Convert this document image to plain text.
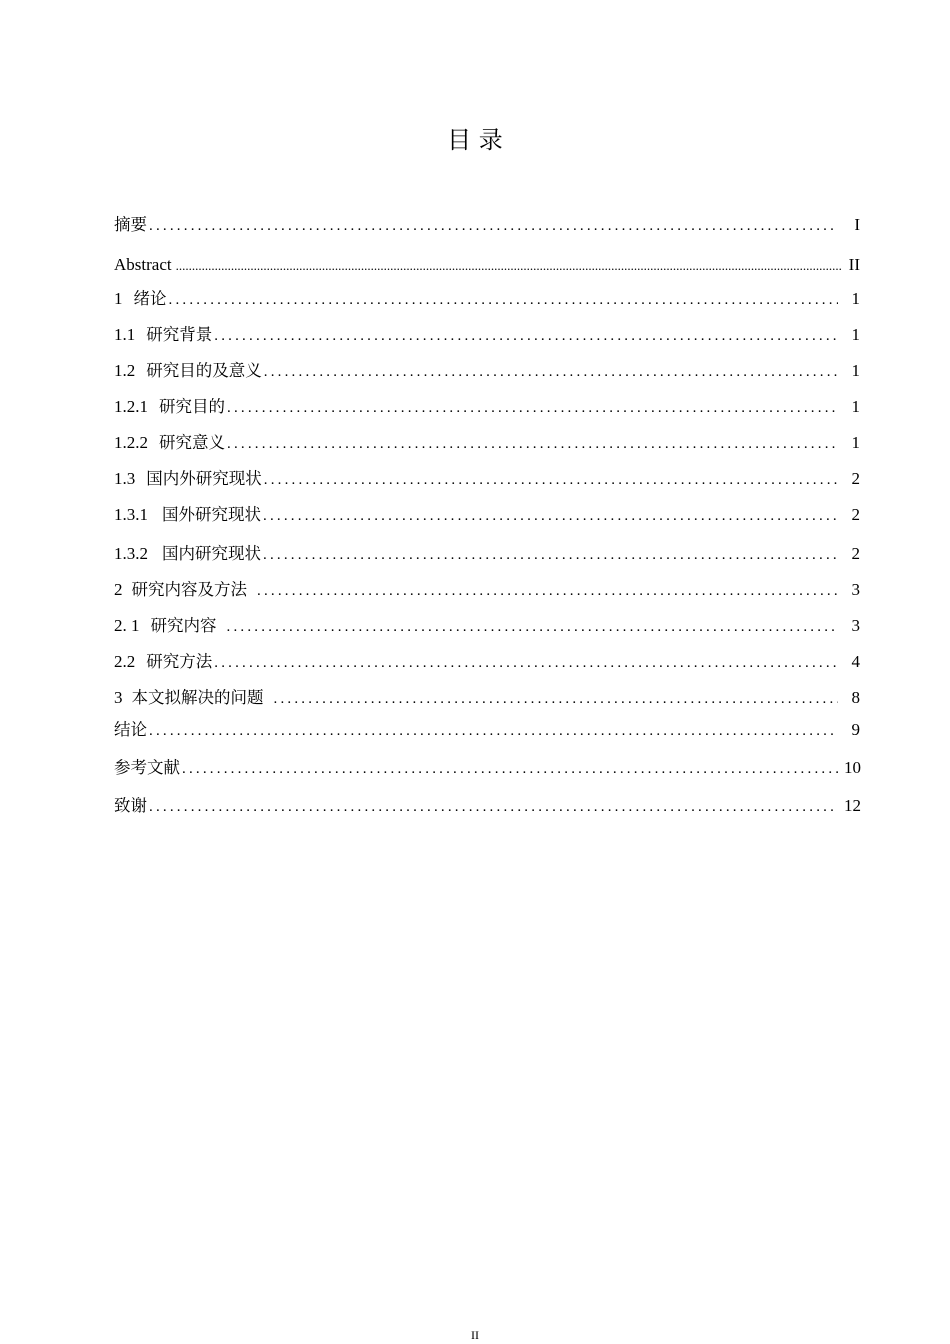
目 录
摘要 .....	I
Abstract .....	II
1 绪论 .....	1
1.1 研究背景 .....	1
1.2 研究目的及意义 .....	1
1.2.1 研究目的 .....	1
1.2.2 研究意义 .....	1
1.3 国内外研究现状 .....	2
1.3.1 国外研究现状 .....	2
1.3.2 国内研究现状 .....	2
2 研究内容及方法 .....	3
2. 1 研究内容 .....	3
2.2 研究方法 .....	4
3 本文拟解决的问题 .....	8
结论 .....	9
参考文献 .....	10
致谢 .....	12
II
